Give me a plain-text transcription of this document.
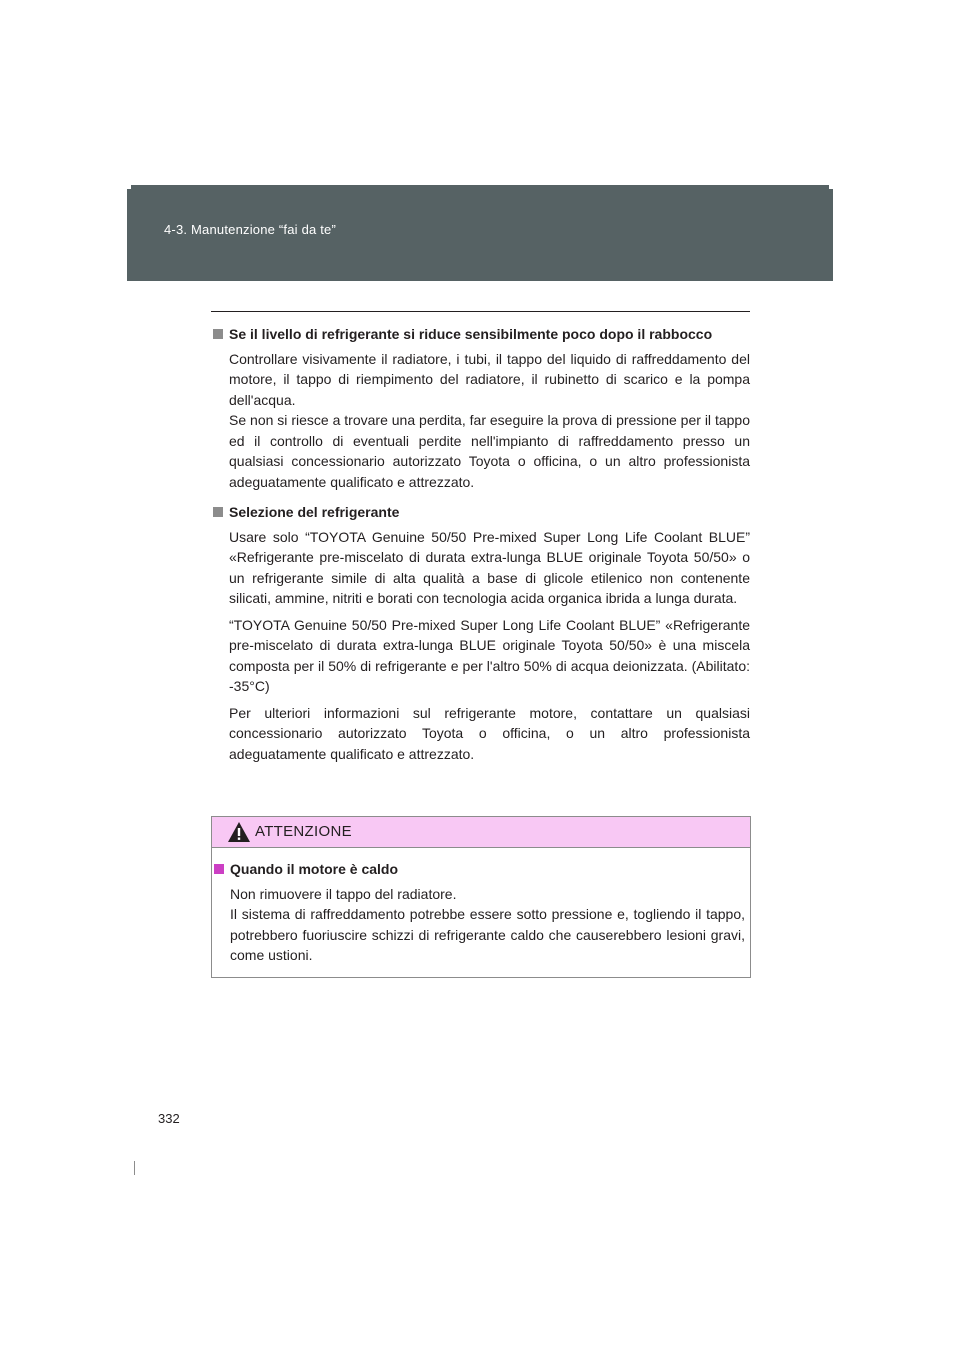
4-3. Manutenzione “fai da te”
Se il livello di refrigerante si riduce sensibilmente poco dopo il rabbocco
Controllare visivamente il radiatore, i tubi, il tappo del liquido di raffreddamento del motore, il tappo di riempimento del radiatore, il rubinetto di scarico e la pompa dell'acqua.
Se non si riesce a trovare una perdita, far eseguire la prova di pressione per il tappo ed il controllo di eventuali perdite nell'impianto di raffreddamento presso un qualsiasi concessionario autorizzato Toyota o officina, o un altro professionista adeguatamente qualificato e attrezzato.
Selezione del refrigerante
Usare solo “TOYOTA Genuine 50/50 Pre-mixed Super Long Life Coolant BLUE” «Refrigerante pre-miscelato di durata extra-lunga BLUE originale Toyota 50/50» o un refrigerante simile di alta qualità a base di glicole etilenico non contenente silicati, ammine, nitriti e borati con tecnologia acida organica ibrida a lunga durata.
“TOYOTA Genuine 50/50 Pre-mixed Super Long Life Coolant BLUE” «Refrigerante pre-miscelato di durata extra-lunga BLUE originale Toyota 50/50» è una miscela composta per il 50% di refrigerante e per l'altro 50% di acqua deionizzata. (Abilitato: -35°C)
Per ulteriori informazioni sul refrigerante motore, contattare un qualsiasi concessionario autorizzato Toyota o officina, o un altro professionista adeguatamente qualificato e attrezzato.
ATTENZIONE
Quando il motore è caldo
Non rimuovere il tappo del radiatore.
Il sistema di raffreddamento potrebbe essere sotto pressione e, togliendo il tappo, potrebbero fuoriuscire schizzi di refrigerante caldo che causerebbero lesioni gravi, come ustioni.
332
